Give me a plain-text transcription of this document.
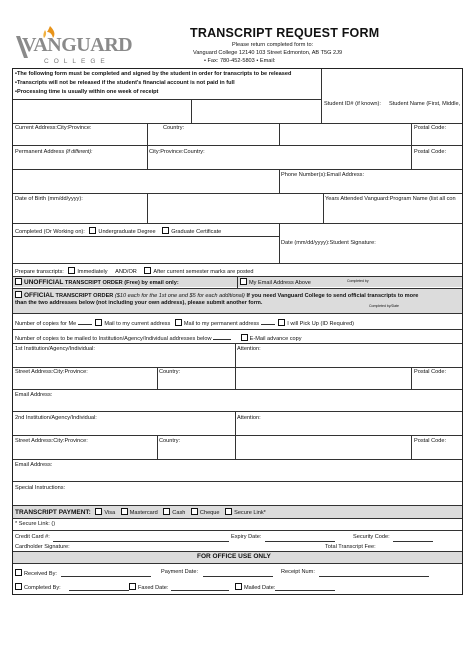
VANGUARD
COLLEGE
TRANSCRIPT REQUEST FORM
Please return completed form to:
Vanguard College 12140 103 Street Edmonton, AB T5G 2J9
• Fax: 780-452-5803 • Email:
•The following form must be completed and signed by the student in order for transcripts to be released
•Transcripts will not be released if the student's financial account is not paid in full
•Processing time is usually within one week of receipt
Student ID# (if known): Student Name (First, Middle,
Current Address:City:Province:	Country:	Postal Code:
Permanent Address (if different):	City:Province:Country:	Postal Code:
Phone Number(s):Email Address:
Date of Birth (mm/dd/yyyy):	Years Attended Vanguard:Program Name (list all con
Completed (Or Working on): Undergraduate Degree	Graduate Certificate
Date (mm/dd/yyyy):Student Signature:
Prepare transcripts: Immediately AND/OR	After current semester marks are posted
UNOFFICIAL TRANSCRIPT ORDER (Free) by email only:	My Email Address Above	Completed by
OFFICIAL TRANSCRIPT ORDER ($10 each for the 1st one and $5 for each additional) If you need Vanguard College to send official transcripts to more
than the two addresses below (not including your own address), please submit another form.	Completed by/Date
Number of copies for Me	Mail to my current address Mail to my permanent address	I will Pick Up (ID Required)
Number of copies to be mailed to Institution/Agency/Individual addresses below	E-Mail advance copy
1st Institution/Agency/Individual:	Attention:
Street Address:City:Province:	Country:	Postal Code:
Email Address:
2nd Institution/Agency/Individual:	Attention:
Street Address:City:Province:	Country:	Postal Code:
Email Address:
Special Instructions:
TRANSCRIPT PAYMENT: Visa	Mastercard	Cash	Cheque	Secure Link*
* Secure Link: ()
Credit Card #:	Expiry Date:	Security Code:
Cardholder Signature:	Total Transcript Fee:
FOR OFFICE USE ONLY
Received By:	Payment Date:	Receipt Num:
Completed By:	Faxed Date:	Mailed Date:
